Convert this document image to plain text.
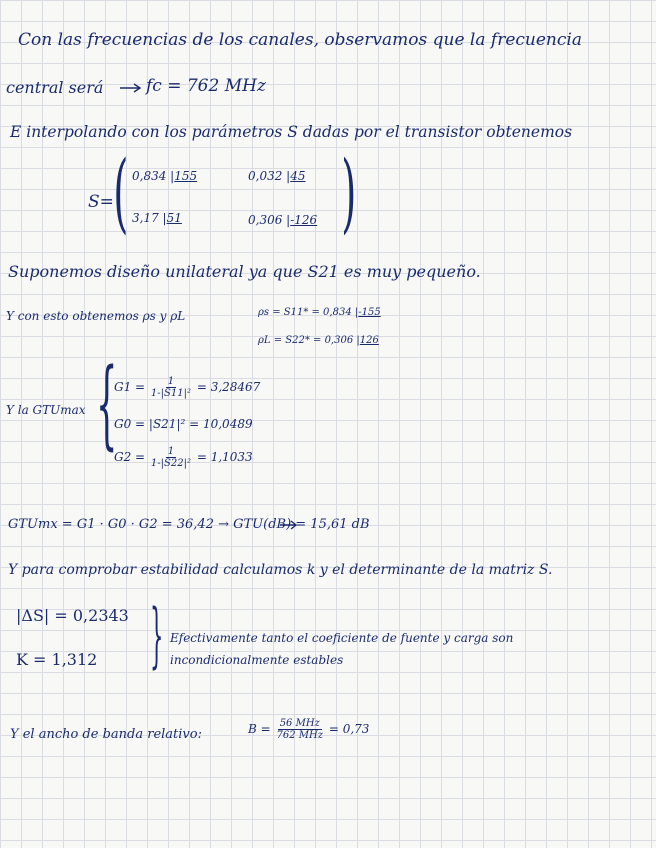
Con las frecuencias de los canales, observamos que la frecuencia
central será	fc = 762 MHz
E interpolando con los parámetros S dadas por el transistor obtenemos
S= ( )
0,834 |155	0,032 |45
3,17 |51	0,306 |-126
Suponemos diseño unilateral ya que S21 es muy pequeño.
Y con esto obtenemos ρs y ρL	ρs = S11* = 0,834 |-155
ρL = S22* = 0,306 |126
Y la GTUmax {
$G1 = \frac{1}{\text{1-|S11|²}} = 3,28467$
G0 = |S21|² = 10,0489
$G2 = \frac{1}{\text{1-|S22|²}} = 1,1033$
GTUmx = G1 · G0 · G2 = 36,42 → GTU(dB) = 15,61 dB
Y para comprobar estabilidad calculamos k y el determinante de la matriz S.
|ΔS| = 0,2343
K = 1,312 } Efectivamente tanto el coeficiente de fuente y carga son
incondicionalmente estables
Y el ancho de banda relativo:	$B = \frac{\text{56 MHz}}{\text{762 MHz}} = 0,73$
